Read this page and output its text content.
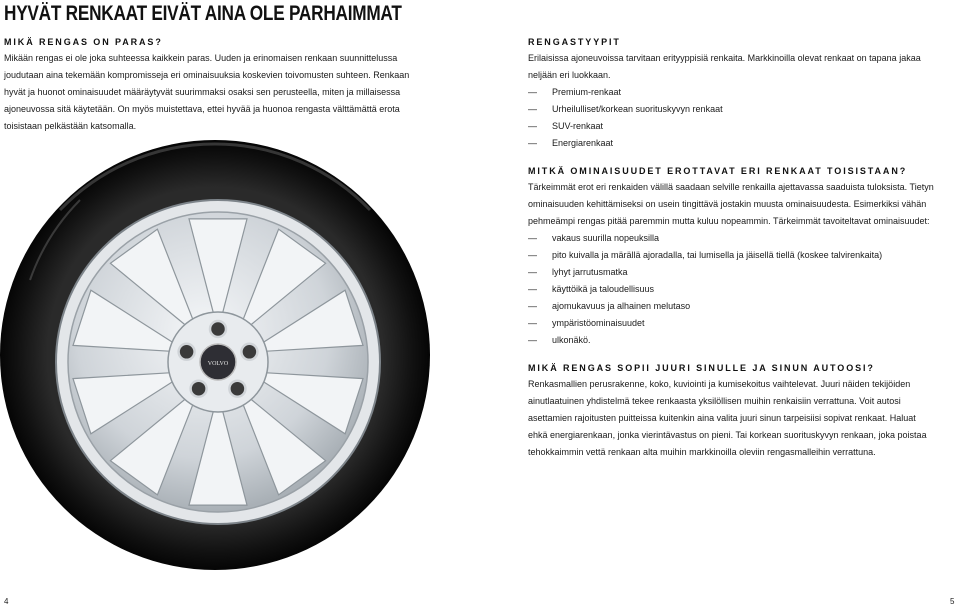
HYVÄT RENKAAT EIVÄT AINA OLE PARHAIMMAT
MIKÄ RENGAS ON PARAS?

Mikään rengas ei ole joka suhteessa kaikkein paras. Uuden ja erinomaisen renkaan suunnittelussa
joudutaan aina tekemään kompromisseja eri ominaisuuksia koskevien toivomusten suhteen. Renkaan
hyvät ja huonot ominaisuudet määräytyvät suurimmaksi osaksi sen perusteella, miten ja millaisessa
ajoneuvossa sitä käytetään. On myös muistettava, ettei hyvää ja huonoa rengasta välttämättä erota
toisistaan pelkästään katsomalla.

VOLVO
RENGASTYYPIT

Erilaisissa ajoneuvoissa tarvitaan erityyppisiä renkaita. Markkinoilla olevat renkaat on tapana jakaa
neljään eri luokkaan.

— Premium-renkaat
— Urheilulliset/korkean suorituskyvyn renkaat
— SUV-renkaat
— Energiarenkaat
MITKÄ OMINAISUUDET EROTTAVAT ERI RENKAAT TOISISTAAN?

Tärkeimmät erot eri renkaiden välillä saadaan selville renkailla ajettavassa saaduista tuloksista. Tietyn
ominaisuuden kehittämiseksi on usein tingittävä jostakin muusta ominaisuudesta. Esimerkiksi vähän
pehmeämpi rengas pitää paremmin mutta kuluu nopeammin. Tärkeimmät tavoiteltavat ominaisuudet:

— vakaus suurilla nopeuksilla
— pito kuivalla ja märällä ajoradalla, tai lumisella ja jäisellä tiellä (koskee talvirenkaita)
— lyhyt jarrutusmatka
— käyttöikä ja taloudellisuus
— ajomukavuus ja alhainen melutaso
— ympäristöominaisuudet
— ulkonäkö.
MIKÄ RENGAS SOPII JUURI SINULLE JA SINUN AUTOOSI?

Renkasmallien perusrakenne, koko, kuviointi ja kumisekoitus vaihtelevat. Juuri näiden tekijöiden
ainutlaatuinen yhdistelmä tekee renkaasta yksilöllisen muihin renkaisiin verrattuna. Voit autosi
asettamien rajoitusten puitteissa kuitenkin aina valita juuri sinun tarpeisiisi sopivat renkaat. Haluat
ehkä energiarenkaan, jonka vierintävastus on pieni. Tai korkean suorituskyvyn renkaan, joka poistaa
tehokkaimmin vettä renkaan alta muihin markkinoilla oleviin rengasmalleihin verrattuna.

4	5
